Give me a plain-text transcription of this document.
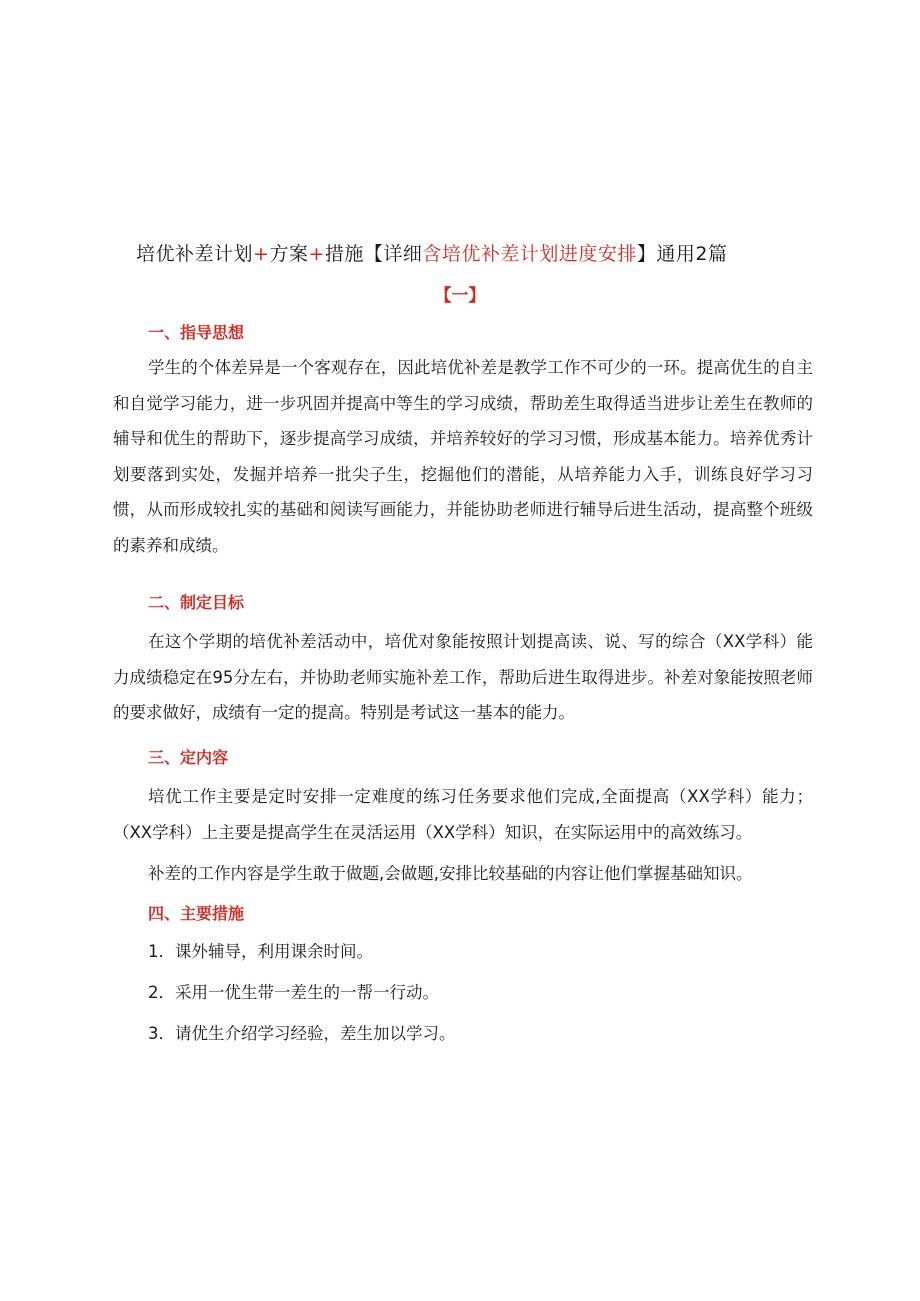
培优补差计划+方案+措施【详细含培优补差计划进度安排】通用2篇
【一】
一、指导思想
学生的个体差异是一个客观存在，因此培优补差是教学工作不可少的一环。提高优生的自主和自觉学习能力，进一步巩固并提高中等生的学习成绩，帮助差生取得适当进步让差生在教师的辅导和优生的帮助下，逐步提高学习成绩，并培养较好的学习习惯，形成基本能力。培养优秀计划要落到实处，发掘并培养一批尖子生，挖掘他们的潜能，从培养能力入手，训练良好学习习惯，从而形成较扎实的基础和阅读写画能力，并能协助老师进行辅导后进生活动，提高整个班级的素养和成绩。
二、制定目标
在这个学期的培优补差活动中，培优对象能按照计划提高读、说、写的综合（XX学科）能力成绩稳定在95分左右，并协助老师实施补差工作，帮助后进生取得进步。补差对象能按照老师的要求做好，成绩有一定的提高。特别是考试这一基本的能力。
三、定内容
培优工作主要是定时安排一定难度的练习任务要求他们完成,全面提高（XX学科）能力；（XX学科）上主要是提高学生在灵活运用（XX学科）知识，在实际运用中的高效练习。
补差的工作内容是学生敢于做题,会做题,安排比较基础的内容让他们掌握基础知识。
四、主要措施
1．课外辅导，利用课余时间。
2．采用一优生带一差生的一帮一行动。
3．请优生介绍学习经验，差生加以学习。
